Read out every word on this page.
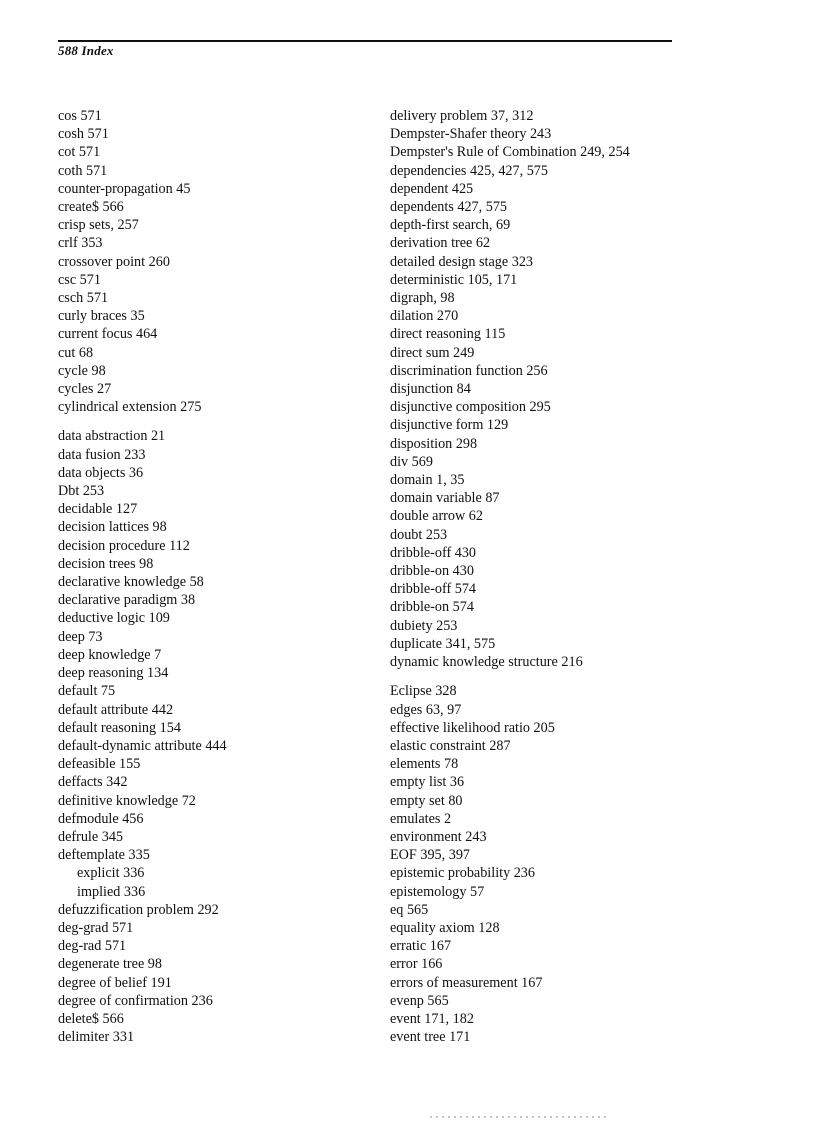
588 Index
cos 571
cosh 571
cot 571
coth 571
counter-propagation 45
create$ 566
crisp sets, 257
crlf 353
crossover point 260
csc 571
csch 571
curly braces 35
current focus 464
cut 68
cycle 98
cycles 27
cylindrical extension 275
data abstraction 21
data fusion 233
data objects 36
Dbt 253
decidable 127
decision lattices 98
decision procedure 112
decision trees 98
declarative knowledge 58
declarative paradigm 38
deductive logic 109
deep 73
deep knowledge 7
deep reasoning 134
default 75
default attribute 442
default reasoning 154
default-dynamic attribute 444
defeasible 155
deffacts 342
definitive knowledge 72
defmodule 456
defrule 345
deftemplate 335
explicit 336
implied 336
defuzzification problem 292
deg-grad 571
deg-rad 571
degenerate tree 98
degree of belief 191
degree of confirmation 236
delete$ 566
delimiter 331
delivery problem 37, 312
Dempster-Shafer theory 243
Dempster's Rule of Combination 249, 254
dependencies 425, 427, 575
dependent 425
dependents 427, 575
depth-first search, 69
derivation tree 62
detailed design stage 323
deterministic 105, 171
digraph, 98
dilation 270
direct reasoning 115
direct sum 249
discrimination function 256
disjunction 84
disjunctive composition 295
disjunctive form 129
disposition 298
div 569
domain 1, 35
domain variable 87
double arrow 62
doubt 253
dribble-off 430
dribble-on 430
dribble-off 574
dribble-on 574
dubiety 253
duplicate 341, 575
dynamic knowledge structure 216
Eclipse 328
edges 63, 97
effective likelihood ratio 205
elastic constraint 287
elements 78
empty list 36
empty set 80
emulates 2
environment 243
EOF 395, 397
epistemic probability 236
epistemology 57
eq 565
equality axiom 128
erratic 167
error 166
errors of measurement 167
evenp 565
event 171, 182
event tree 171
